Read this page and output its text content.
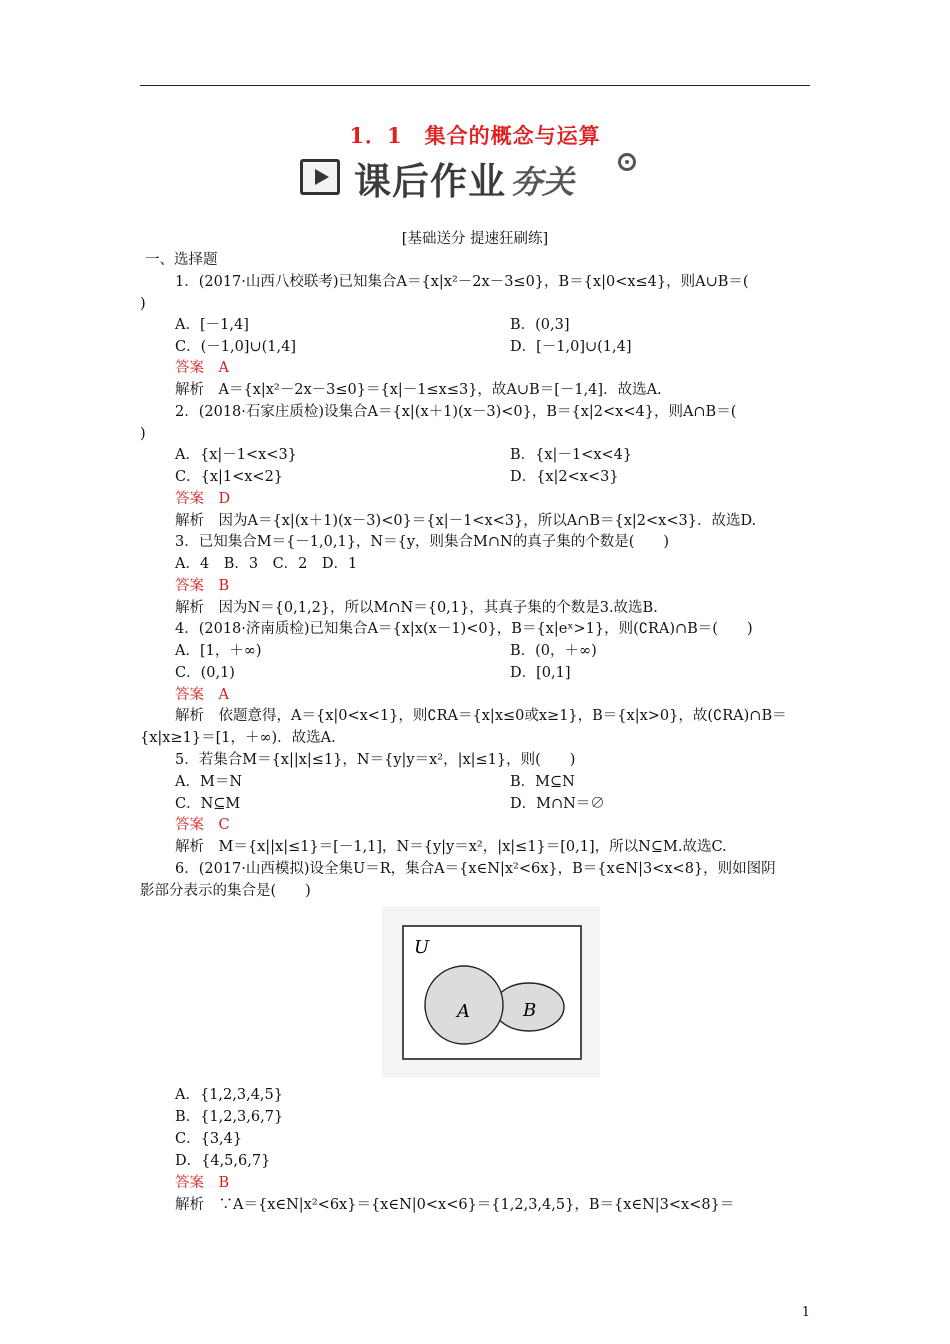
1．1　集合的概念与运算
课后作业 夯关
[基础送分 提速狂刷练]
一、选择题
1．(2017·山西八校联考)已知集合A＝{x|x²－2x－3≤0}，B＝{x|0<x≤4}，则A∪B＝(
)
A．[－1,4]	B．(0,3]
C．(－1,0]∪(1,4]	D．[－1,0]∪(1,4]
答案　A
解析　A＝{x|x²－2x－3≤0}＝{x|－1≤x≤3}，故A∪B＝[－1,4]．故选A.
2．(2018·石家庄质检)设集合A＝{x|(x＋1)(x－3)<0}，B＝{x|2<x<4}，则A∩B＝(
)
A．{x|－1<x<3}	B．{x|－1<x<4}
C．{x|1<x<2}	D．{x|2<x<3}
答案　D
解析　因为A＝{x|(x＋1)(x－3)<0}＝{x|－1<x<3}，所以A∩B＝{x|2<x<3}．故选D.
3．已知集合M＝{－1,0,1}，N＝{y，则集合M∩N的真子集的个数是(　　)
A．4　B．3　C．2　D．1
答案　B
解析　因为N＝{0,1,2}，所以M∩N＝{0,1}，其真子集的个数是3.故选B.
4．(2018·济南质检)已知集合A＝{x|x(x－1)<0}，B＝{x|eˣ>1}，则(∁RA)∩B＝(　　)
A．[1，＋∞)	B．(0，＋∞)
C．(0,1)	D．[0,1]
答案　A
解析　依题意得，A＝{x|0<x<1}，则∁RA＝{x|x≤0或x≥1}，B＝{x|x>0}，故(∁RA)∩B＝
{x|x≥1}＝[1，＋∞)．故选A.
5．若集合M＝{x||x|≤1}，N＝{y|y＝x²，|x|≤1}，则(　　)
A．M＝N	B．M⊆N
C．N⊆M	D．M∩N＝∅
答案　C
解析　M＝{x||x|≤1}＝[－1,1]，N＝{y|y＝x²，|x|≤1}＝[0,1]，所以N⊆M.故选C.
6．(2017·山西模拟)设全集U＝R，集合A＝{x∈N|x²<6x}，B＝{x∈N|3<x<8}，则如图阴
影部分表示的集合是(　　)
U
A	B
A．{1,2,3,4,5}
B．{1,2,3,6,7}
C．{3,4}
D．{4,5,6,7}
答案　B
解析　∵A＝{x∈N|x²<6x}＝{x∈N|0<x<6}＝{1,2,3,4,5}，B＝{x∈N|3<x<8}＝
1
